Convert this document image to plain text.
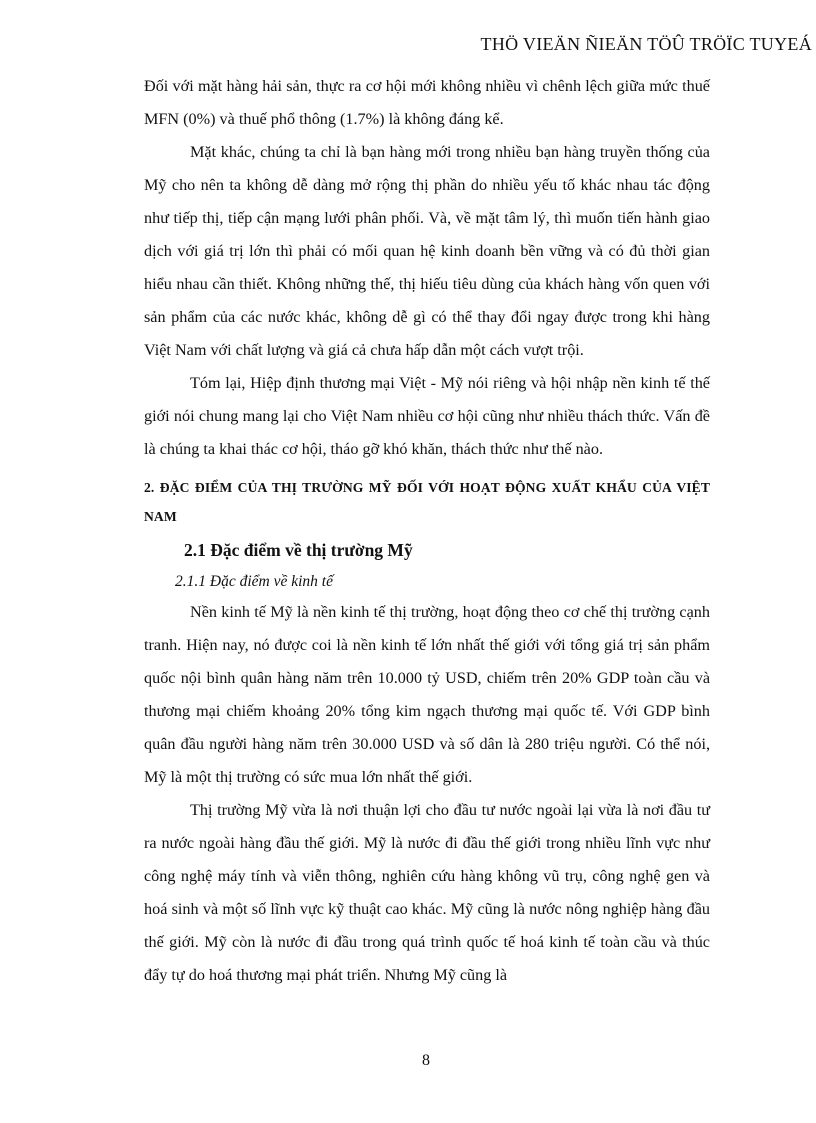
THÖ VIEÄN ÑIEÄN TÖÛ TRÖÏC TUYEÁ

Đối với mặt hàng hải sản, thực ra cơ hội mới không nhiều vì chênh lệch giữa mức thuế MFN (0%) và thuế phổ thông (1.7%) là không đáng kể.

Mặt khác, chúng ta chỉ là bạn hàng mới trong nhiều bạn hàng truyền thống của Mỹ cho nên ta không dễ dàng mở rộng thị phần do nhiều yếu tố khác nhau tác động như tiếp thị, tiếp cận mạng lưới phân phối. Và, về mặt tâm lý, thì muốn tiến hành giao dịch với giá trị lớn thì phải có mối quan hệ kinh doanh bền vững và có đủ thời gian hiểu nhau cần thiết. Không những thế, thị hiếu tiêu dùng của khách hàng vốn quen với sản phẩm của các nước khác, không dễ gì có thể thay đổi ngay được trong khi hàng Việt Nam với chất lượng và giá cả chưa hấp dẫn một cách vượt trội.

Tóm lại, Hiệp định thương mại Việt - Mỹ nói riêng và hội nhập nền kinh tế thế giới nói chung mang lại cho Việt Nam nhiều cơ hội cũng như nhiều thách thức. Vấn đề là chúng ta khai thác cơ hội, tháo gỡ khó khăn, thách thức như thế nào.

2. ĐẶC ĐIỂM CỦA THỊ TRƯỜNG MỸ ĐỐI VỚI HOẠT ĐỘNG XUẤT KHẨU CỦA VIỆT NAM

2.1 Đặc điểm về thị trường Mỹ

2.1.1 Đặc điểm về kinh tế

Nền kinh tế Mỹ là nền kinh tế thị trường, hoạt động theo cơ chế thị trường cạnh tranh. Hiện nay, nó được coi là nền kinh tế lớn nhất thế giới với tổng giá trị sản phẩm quốc nội bình quân hàng năm trên 10.000 tỷ USD, chiếm trên 20% GDP toàn cầu và thương mại chiếm khoảng 20% tổng kim ngạch thương mại quốc tế. Với GDP bình quân đầu người hàng năm trên 30.000 USD và số dân là 280 triệu người. Có thể nói, Mỹ là một thị trường có sức mua lớn nhất thế giới.

Thị trường Mỹ vừa là nơi thuận lợi cho đầu tư nước ngoài lại vừa là nơi đầu tư ra nước ngoài hàng đầu thế giới. Mỹ là nước đi đầu thế giới trong nhiều lĩnh vực như công nghệ máy tính và viễn thông, nghiên cứu hàng không vũ trụ, công nghệ gen và hoá sinh và một số lĩnh vực kỹ thuật cao khác. Mỹ cũng là nước nông nghiệp hàng đầu thế giới. Mỹ còn là nước đi đầu trong quá trình quốc tế hoá kinh tế toàn cầu và thúc đẩy tự do hoá thương mại phát triển. Nhưng Mỹ cũng là

8
